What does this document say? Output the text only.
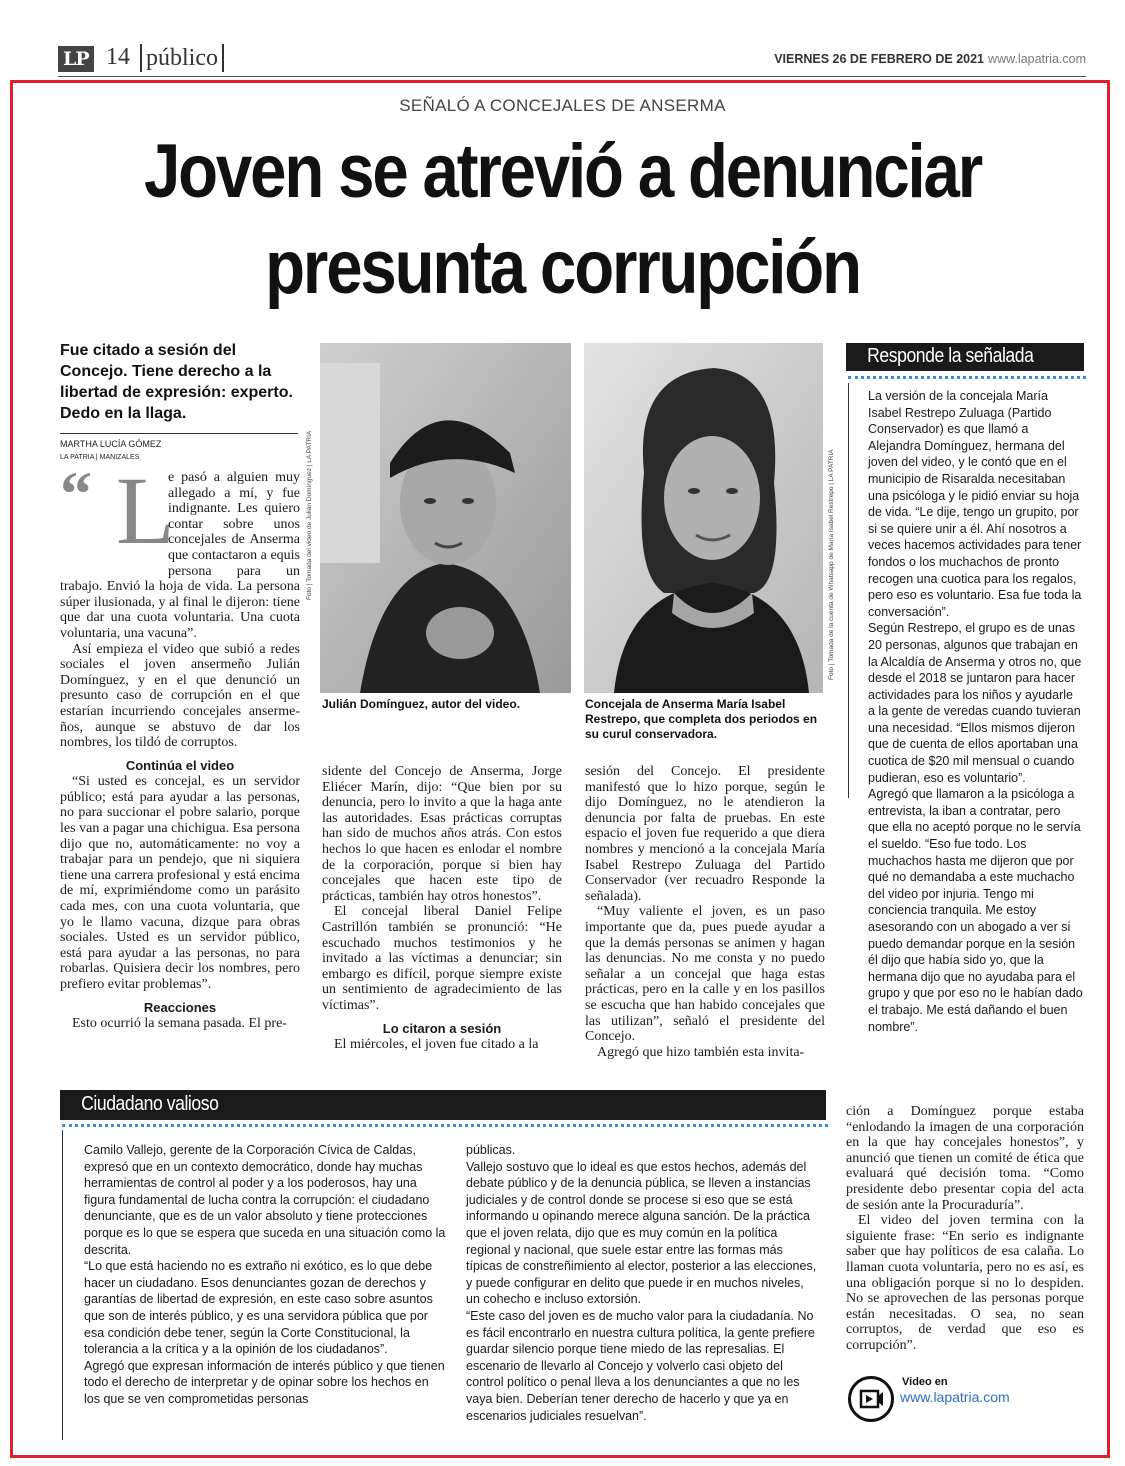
LP 14 público	VIERNES 26 DE FEBRERO DE 2021 www.lapatria.com
SEÑALÓ A CONCEJALES DE ANSERMA
Joven se atrevió a denunciar
presunta corrupción
Fue citado a sesión del Concejo. Tiene derecho a la libertad de expresión: experto. Dedo en la llaga.
MARTHA LUCÍA GÓMEZ
LA PATRIA | MANIZALES
“ L

e pasó a alguien muy allegado a mí, y fue indignante. Les quiero contar sobre unos concejales de Anserma que contactaron a equis persona para un trabajo. Envió la hoja de vida. La persona súper ilusionada, y al final le dijeron: tiene que dar una cuota voluntaria. Una cuota voluntaria, una vacuna”.

Así empieza el video que subió a redes sociales el joven ansermeño Julián Domínguez, y en el que denunció un presunto caso de corrupción en el que estarían incurriendo concejales anserme-ños, aunque se abstuvo de dar los nombres, los tildó de corruptos.

Continúa el video

“Si usted es concejal, es un servidor público; está para ayudar a las personas, no para succionar el pobre salario, porque les van a pagar una chichigua. Esa persona dijo que no, automáticamente: no voy a trabajar para un pendejo, que ni siquiera tiene una carrera profesional y está encima de mí, exprimiéndome como un parásito cada mes, con una cuota voluntaria, que yo le llamo vacuna, dizque para obras sociales. Usted es un servidor público, está para ayudar a las personas, no para robarlas. Quisiera decir los nombres, pero prefiero evitar problemas”.

Reacciones

Esto ocurrió la semana pasada. El pre-

Foto | Tomada del video de Julián Domínguez | LA PATRIA
Julián Domínguez, autor del video.
Foto | Tomada de la cuenta de Whatsapp de María Isabel Restrepo | LA PATRIA
Concejala de Anserma María Isabel Restrepo, que completa dos periodos en su curul conservadora.

sidente del Concejo de Anserma, Jorge Eliécer Marín, dijo: “Que bien por su denuncia, pero lo invito a que la haga ante las autoridades. Esas prácticas corruptas han sido de muchos años atrás. Con estos hechos lo que hacen es enlodar el nombre de la corporación, porque si bien hay concejales que hacen este tipo de prácticas, también hay otros honestos”.

El concejal liberal Daniel Felipe Castrillón también se pronunció: “He escuchado muchos testimonios y he invitado a las víctimas a denunciar; sin embargo es difícil, porque siempre existe un sentimiento de agradecimiento de las víctimas”.

Lo citaron a sesión

El miércoles, el joven fue citado a la

sesión del Concejo. El presidente manifestó que lo hizo porque, según le dijo Domínguez, no le atendieron la denuncia por falta de pruebas. En este espacio el joven fue requerido a que diera nombres y mencionó a la concejala María Isabel Restrepo Zuluaga del Partido Conservador (ver recuadro Responde la señalada).

“Muy valiente el joven, es un paso importante que da, pues puede ayudar a que la demás personas se animen y hagan las denuncias. No me consta y no puedo señalar a un concejal que haga estas prácticas, pero en la calle y en los pasillos se escucha que han habido concejales que las utilizan”, señaló el presidente del Concejo.

Agregó que hizo también esta invita-

Responde la señalada

La versión de la concejala María Isabel Restrepo Zuluaga (Partido Conservador) es que llamó a Alejandra Domínguez, hermana del joven del video, y le contó que en el municipio de Risaralda necesitaban una psicóloga y le pidió enviar su hoja de vida. “Le dije, tengo un grupito, por si se quiere unir a él. Ahí nosotros a veces hacemos actividades para tener fondos o los muchachos de pronto recogen una cuotica para los regalos, pero eso es voluntario. Esa fue toda la conversación”.

Según Restrepo, el grupo es de unas 20 personas, algunos que trabajan en la Alcaldía de Anserma y otros no, que desde el 2018 se juntaron para hacer actividades para los niños y ayudarle a la gente de veredas cuando tuvieran una necesidad. “Ellos mismos dijeron que de cuenta de ellos aportaban una cuotica de $20 mil mensual o cuando pudieran, eso es voluntario”.

Agregó que llamaron a la psicóloga a entrevista, la iban a contratar, pero que ella no aceptó porque no le servía el sueldo. “Eso fue todo. Los muchachos hasta me dijeron que por qué no demandaba a este muchacho del video por injuria. Tengo mi conciencia tranquila. Me estoy asesorando con un abogado a ver si puedo demandar porque en la sesión él dijo que había sido yo, que la hermana dijo que no ayudaba para el grupo y que por eso no le habían dado el trabajo. Me está dañando el buen nombre”.

Ciudadano valioso

Camilo Vallejo, gerente de la Corporación Cívica de Caldas, expresó que en un contexto democrático, donde hay muchas herramientas de control al poder y a los poderosos, hay una figura fundamental de lucha contra la corrupción: el ciudadano denunciante, que es de un valor absoluto y tiene protecciones porque es lo que se espera que suceda en una situación como la descrita.

“Lo que está haciendo no es extraño ni exótico, es lo que debe hacer un ciudadano. Esos denunciantes gozan de derechos y garantías de libertad de expresión, en este caso sobre asuntos que son de interés público, y es una servidora pública que por esa condición debe tener, según la Corte Constitucional, la tolerancia a la crítica y a la opinión de los ciudadanos”.

Agregó que expresan información de interés público y que tienen todo el derecho de interpretar y de opinar sobre los hechos en los que se ven comprometidas personas

públicas.

Vallejo sostuvo que lo ideal es que estos hechos, además del debate público y de la denuncia pública, se lleven a instancias judiciales y de control donde se procese si eso que se está informando u opinando merece alguna sanción. De la práctica que el joven relata, dijo que es muy común en la política regional y nacional, que suele estar entre las formas más típicas de constreñimiento al elector, posterior a las elecciones, y puede configurar en delito que puede ir en muchos niveles, un cohecho e incluso extorsión.

“Este caso del joven es de mucho valor para la ciudadanía. No es fácil encontrarlo en nuestra cultura política, la gente prefiere guardar silencio porque tiene miedo de las represalias. El escenario de llevarlo al Concejo y volverlo casi objeto del control político o penal lleva a los denunciantes a que no les vaya bien. Deberían tener derecho de hacerlo y que ya en escenarios judiciales resuelvan”.

ción a Domínguez porque estaba “enlodando la imagen de una corporación en la que hay concejales honestos”, y anunció que tienen un comité de ética que evaluará qué decisión toma. “Como presidente debo presentar copia del acta de sesión ante la Procuraduría”.

El video del joven termina con la siguiente frase: “En serio es indignante saber que hay políticos de esa calaña. Lo llaman cuota voluntaria, pero no es así, es una obligación porque si no lo despiden. No se aprovechen de las personas porque están necesitadas. O sea, no sean corruptos, de verdad que eso es corrupción”.

Video en
www.lapatria.com
